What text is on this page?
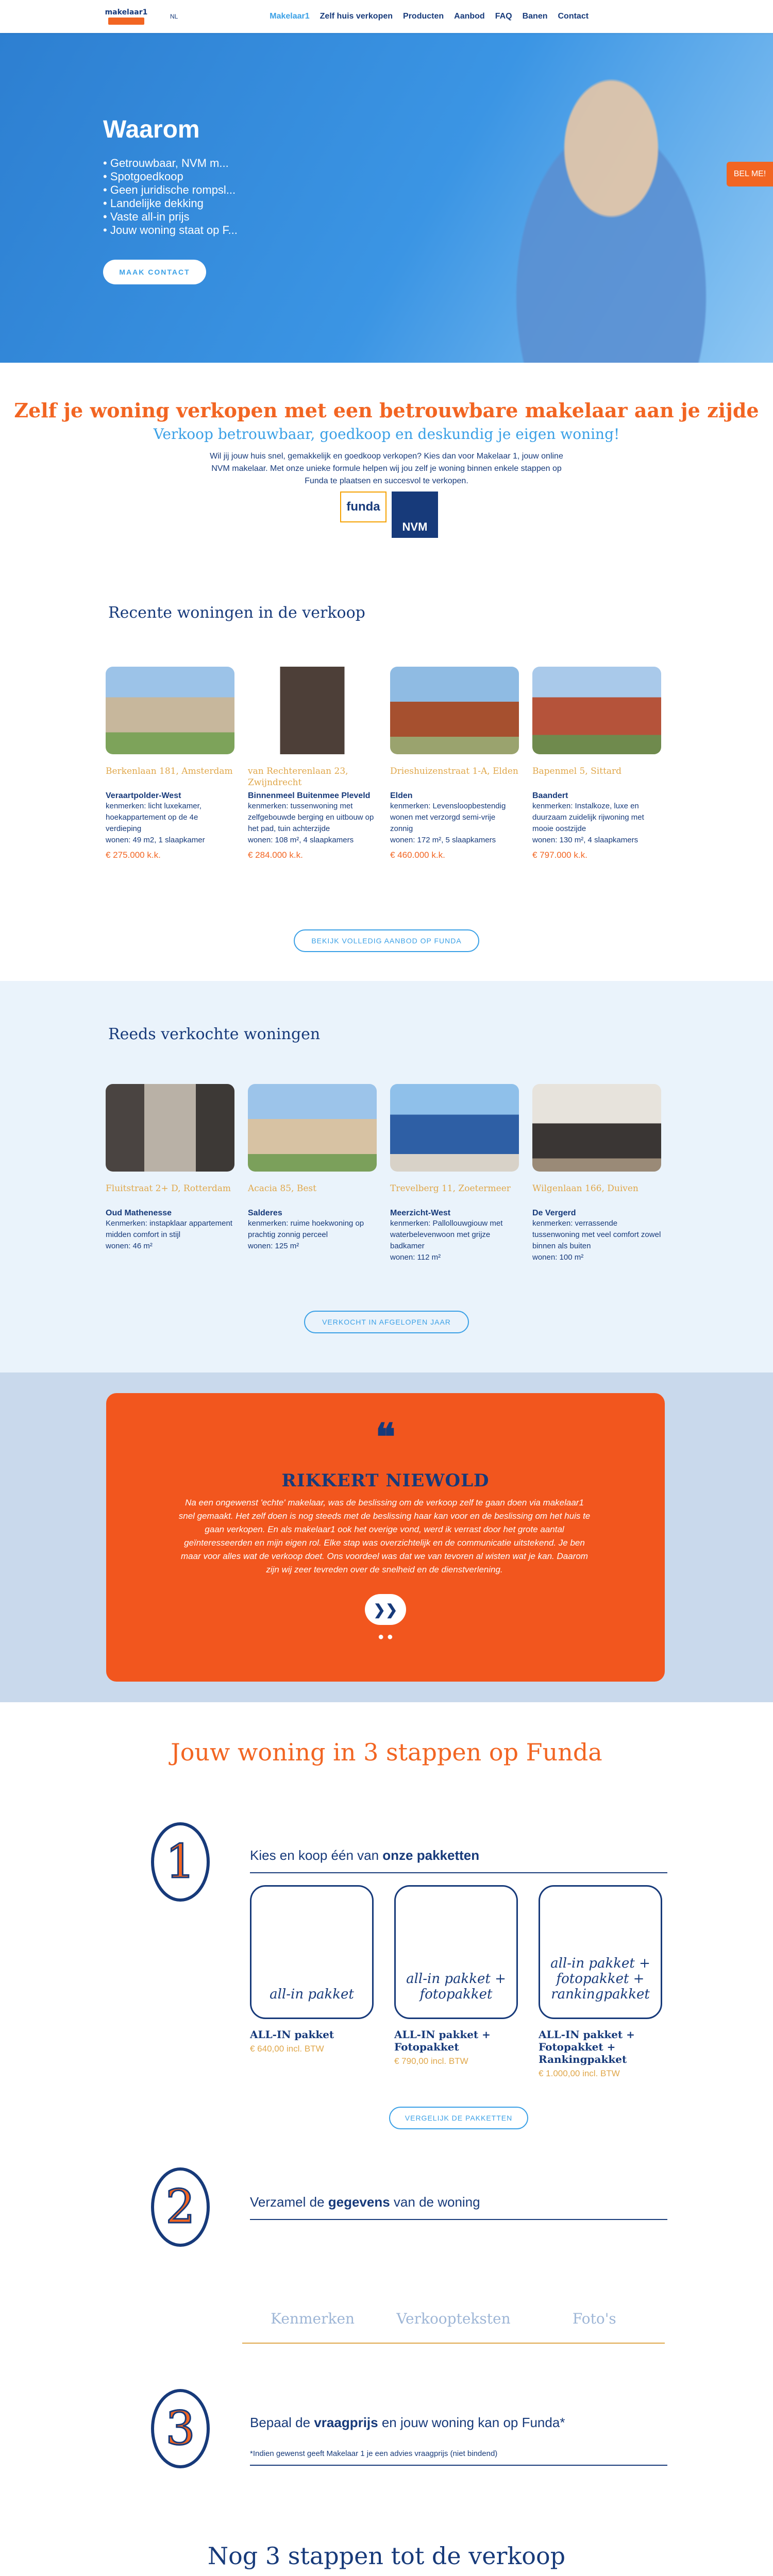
makelaar1	NL	Makelaar1 Zelf huis verkopen Producten Aanbod FAQ Banen Contact
Waarom
• Getrouwbaar, NVM m...
• Spotgoedkoop
• Geen juridische rompsl...
• Landelijke dekking
• Vaste all-in prijs
• Jouw woning staat op F...
MAAK CONTACT
BEL ME!
Zelf je woning verkopen met een betrouwbare makelaar aan je zijde
Verkoop betrouwbaar, goedkoop en deskundig je eigen woning!
Wil jij jouw huis snel, gemakkelijk en goedkoop verkopen? Kies dan voor Makelaar 1, jouw online NVM makelaar. Met onze unieke formule helpen wij jou zelf je woning binnen enkele stappen op Funda te plaatsen en succesvol te verkopen.
funda
NVM
Recente woningen in de verkoop
Berkenlaan 181, Amsterdam
Veraartpolder-West
kenmerken: licht luxekamer, hoekappartement op de 4e verdieping
wonen: 49 m2, 1 slaapkamer
€ 275.000 k.k.
van Rechterenlaan 23, Zwijndrecht
Binnenmeel Buitenmee Pleveld
kenmerken: tussenwoning met zelfgebouwde berging en uitbouw op het pad, tuin achterzijde
wonen: 108 m², 4 slaapkamers
€ 284.000 k.k.
Drieshuizenstraat 1-A, Elden
Elden
kenmerken: Levensloopbestendig wonen met verzorgd semi-vrije zonnig
wonen: 172 m², 5 slaapkamers
€ 460.000 k.k.
Bapenmel 5, Sittard
Baandert
kenmerken: Instalkoze, luxe en duurzaam zuidelijk rijwoning met mooie oostzijde
wonen: 130 m², 4 slaapkamers
€ 797.000 k.k.
BEKIJK VOLLEDIG AANBOD OP FUNDA
Reeds verkochte woningen
Fluitstraat 2+ D, Rotterdam
Oud Mathenesse
Kenmerken: instapklaar appartement midden comfort in stijl
wonen: 46 m²
Acacia 85, Best
Salderes
kenmerken: ruime hoekwoning op prachtig zonnig perceel
wonen: 125 m²
Trevelberg 11, Zoetermeer
Meerzicht-West
kenmerken: Pallollouwgiouw met waterbelevenwoon met grijze badkamer
wonen: 112 m²
Wilgenlaan 166, Duiven
De Vergerd
kenmerken: verrassende tussenwoning met veel comfort zowel binnen als buiten
wonen: 100 m²
VERKOCHT IN AFGELOPEN JAAR
❝
RIKKERT NIEWOLD
Na een ongewenst 'echte' makelaar, was de beslissing om de verkoop zelf te gaan doen via makelaar1 snel gemaakt. Het zelf doen is nog steeds met de beslissing haar kan voor en de beslissing om het huis te gaan verkopen. En als makelaar1 ook het overige vond, werd ik verrast door het grote aantal geïnteresseerden en mijn eigen rol. Elke stap was overzichtelijk en de communicatie uitstekend. Je ben maar voor alles wat de verkoop doet. Ons voordeel was dat we van tevoren al wisten wat je kan. Daarom zijn wij zeer tevreden over de snelheid en de dienstverlening.
❯❯
● ●
Jouw woning in 3 stappen op Funda
1	Kies en koop één van onze pakketten
all-in pakket
ALL-IN pakket
€ 640,00 incl. BTW
all-in pakket + fotopakket
ALL-IN pakket + Fotopakket
€ 790,00 incl. BTW
all-in pakket + fotopakket + rankingpakket
ALL-IN pakket + Fotopakket + Rankingpakket
€ 1.000,00 incl. BTW
VERGELIJK DE PAKKETTEN
2	Verzamel de gegevens van de woning
Kenmerken	Verkoopteksten	Foto's
3	Bepaal de vraagprijs en jouw woning kan op Funda*
*Indien gewenst geeft Makelaar 1 je een advies vraagprijs (niet bindend)
Nog 3 stappen tot de verkoop
